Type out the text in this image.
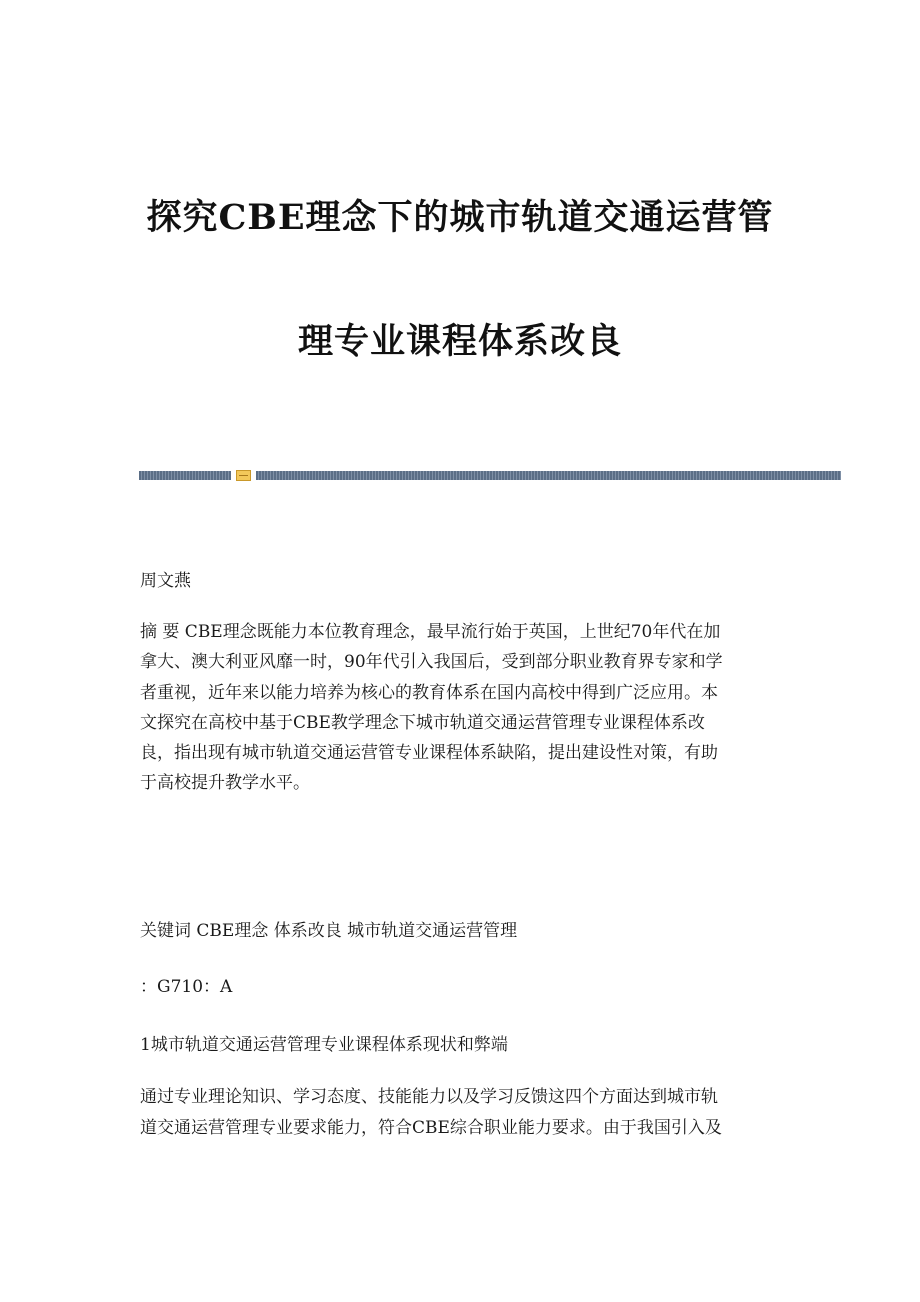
探究CBE理念下的城市轨道交通运营管
理专业课程体系改良

周文燕

摘 要 CBE理念既能力本位教育理念，最早流行始于英国，上世纪70年代在加
拿大、澳大利亚风靡一时，90年代引入我国后，受到部分职业教育界专家和学
者重视，近年来以能力培养为核心的教育体系在国内高校中得到广泛应用。本
文探究在高校中基于CBE教学理念下城市轨道交通运营管理专业课程体系改
良，指出现有城市轨道交通运营管专业课程体系缺陷，提出建设性对策，有助
于高校提升教学水平。

关键词 CBE理念 体系改良 城市轨道交通运营管理

：G710：A

1城市轨道交通运营管理专业课程体系现状和弊端

通过专业理论知识、学习态度、技能能力以及学习反馈这四个方面达到城市轨
道交通运营管理专业要求能力，符合CBE综合职业能力要求。由于我国引入及
